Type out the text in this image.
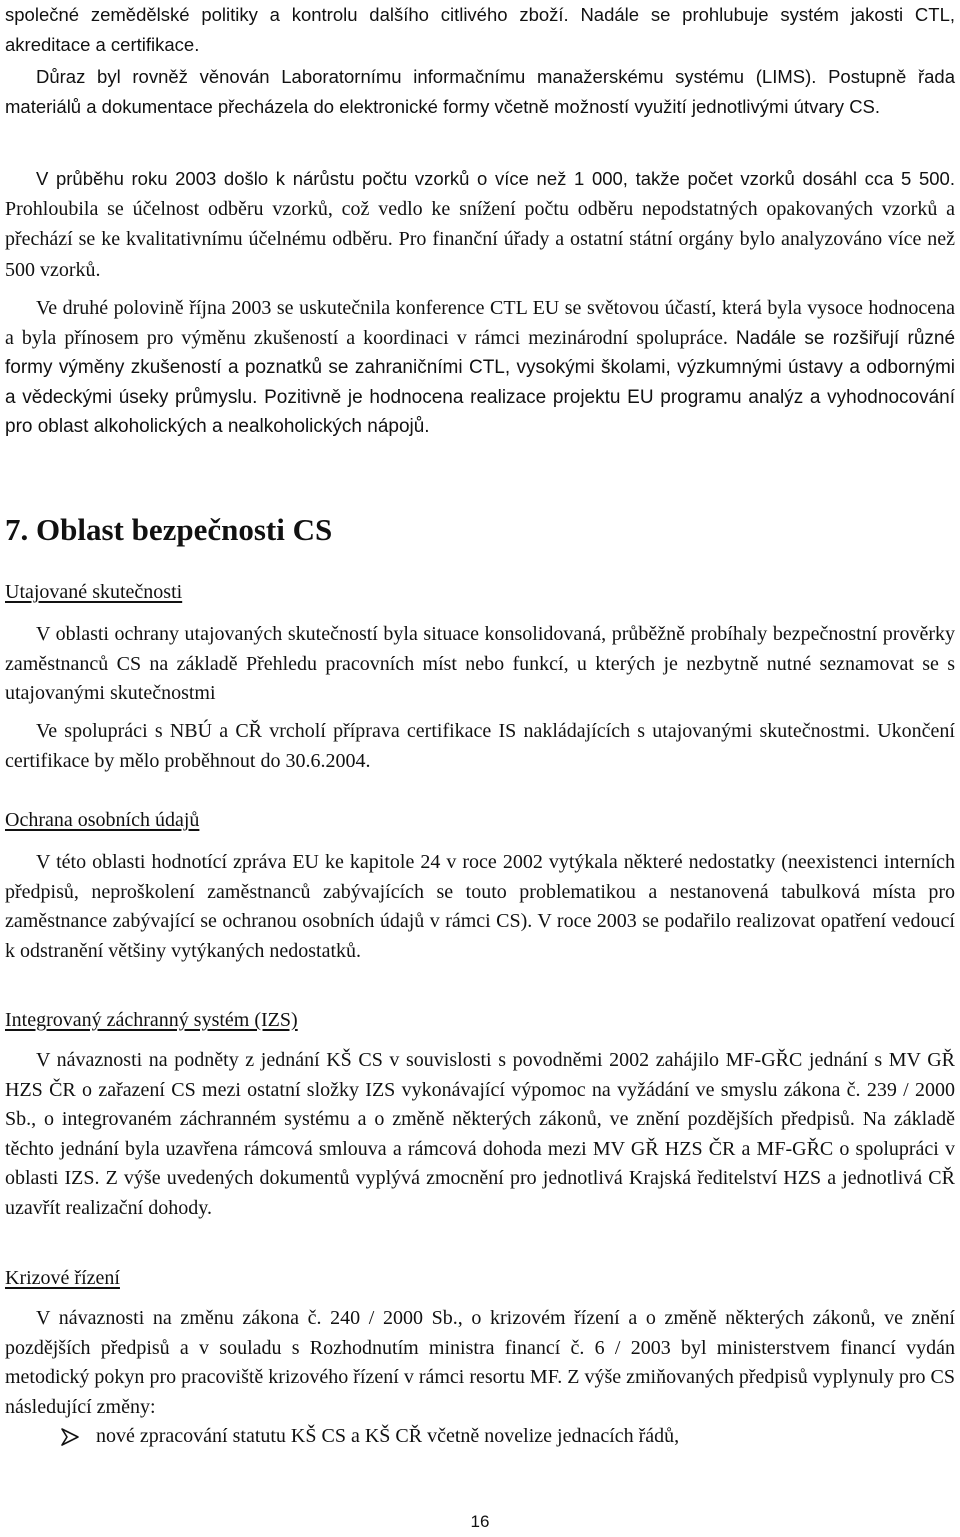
společné zemědělské politiky a kontrolu dalšího citlivého zboží. Nadále se prohlubuje systém jakosti CTL, akreditace a certifikace.

Důraz byl rovněž věnován Laboratornímu informačnímu manažerskému systému (LIMS). Postupně řada materiálů a dokumentace přecházela do elektronické formy včetně možností využití jednotlivými útvary CS.

V průběhu roku 2003 došlo k nárůstu počtu vzorků o více než 1 000, takže počet vzorků dosáhl cca 5 500. Prohloubila se účelnost odběru vzorků, což vedlo ke snížení počtu odběru nepodstatných opakovaných vzorků a přechází se ke kvalitativnímu účelnému odběru. Pro finanční úřady a ostatní státní orgány bylo analyzováno více než 500 vzorků.

Ve druhé polovině října 2003 se uskutečnila konference CTL EU se světovou účastí, která byla vysoce hodnocena a byla přínosem pro výměnu zkušeností a koordinaci v rámci mezinárodní spolupráce. Nadále se rozšiřují různé formy výměny zkušeností a poznatků se zahraničními CTL, vysokými školami, výzkumnými ústavy a odbornými a vědeckými úseky průmyslu. Pozitivně je hodnocena realizace projektu EU programu analýz a vyhodnocování pro oblast alkoholických a nealkoholických nápojů.

7. Oblast bezpečnosti CS
Utajované skutečnosti

V oblasti ochrany utajovaných skutečností byla situace konsolidovaná, průběžně probíhaly bezpečnostní prověrky zaměstnanců CS na základě Přehledu pracovních míst nebo funkcí, u kterých je nezbytně nutné seznamovat se s utajovanými skutečnostmi

Ve spolupráci s NBÚ a CŘ vrcholí příprava certifikace IS nakládajících s utajovanými skutečnostmi. Ukončení certifikace by mělo proběhnout do 30.6.2004.

Ochrana osobních údajů

V této oblasti hodnotící zpráva EU ke kapitole 24 v roce 2002 vytýkala některé nedostatky (neexistenci interních předpisů, neproškolení zaměstnanců zabývajících se touto problematikou a nestanovená tabulková místa pro zaměstnance zabývající se ochranou osobních údajů v rámci CS). V roce 2003 se podařilo realizovat opatření vedoucí k odstranění většiny vytýkaných nedostatků.

Integrovaný záchranný systém (IZS)

V návaznosti na podněty z jednání KŠ CS v souvislosti s povodněmi 2002 zahájilo MF-GŘC jednání s MV GŘ HZS ČR o zařazení CS mezi ostatní složky IZS vykonávající výpomoc na vyžádání ve smyslu zákona č. 239 / 2000 Sb., o integrovaném záchranném systému a o změně některých zákonů, ve znění pozdějších předpisů. Na základě těchto jednání byla uzavřena rámcová smlouva a rámcová dohoda mezi MV GŘ HZS ČR a MF-GŘC o spolupráci v oblasti IZS. Z výše uvedených dokumentů vyplývá zmocnění pro jednotlivá Krajská ředitelství HZS a jednotlivá CŘ uzavřít realizační dohody.

Krizové řízení

V návaznosti na změnu zákona č. 240 / 2000 Sb., o krizovém řízení a o změně některých zákonů, ve znění pozdějších předpisů a v souladu s Rozhodnutím ministra financí č. 6 / 2003 byl ministerstvem financí vydán metodický pokyn pro pracoviště krizového řízení v rámci resortu MF. Z výše zmiňovaných předpisů vyplynuly pro CS následující změny:

nové zpracování statutu KŠ CS a KŠ CŘ včetně novelize jednacích řádů,
16
